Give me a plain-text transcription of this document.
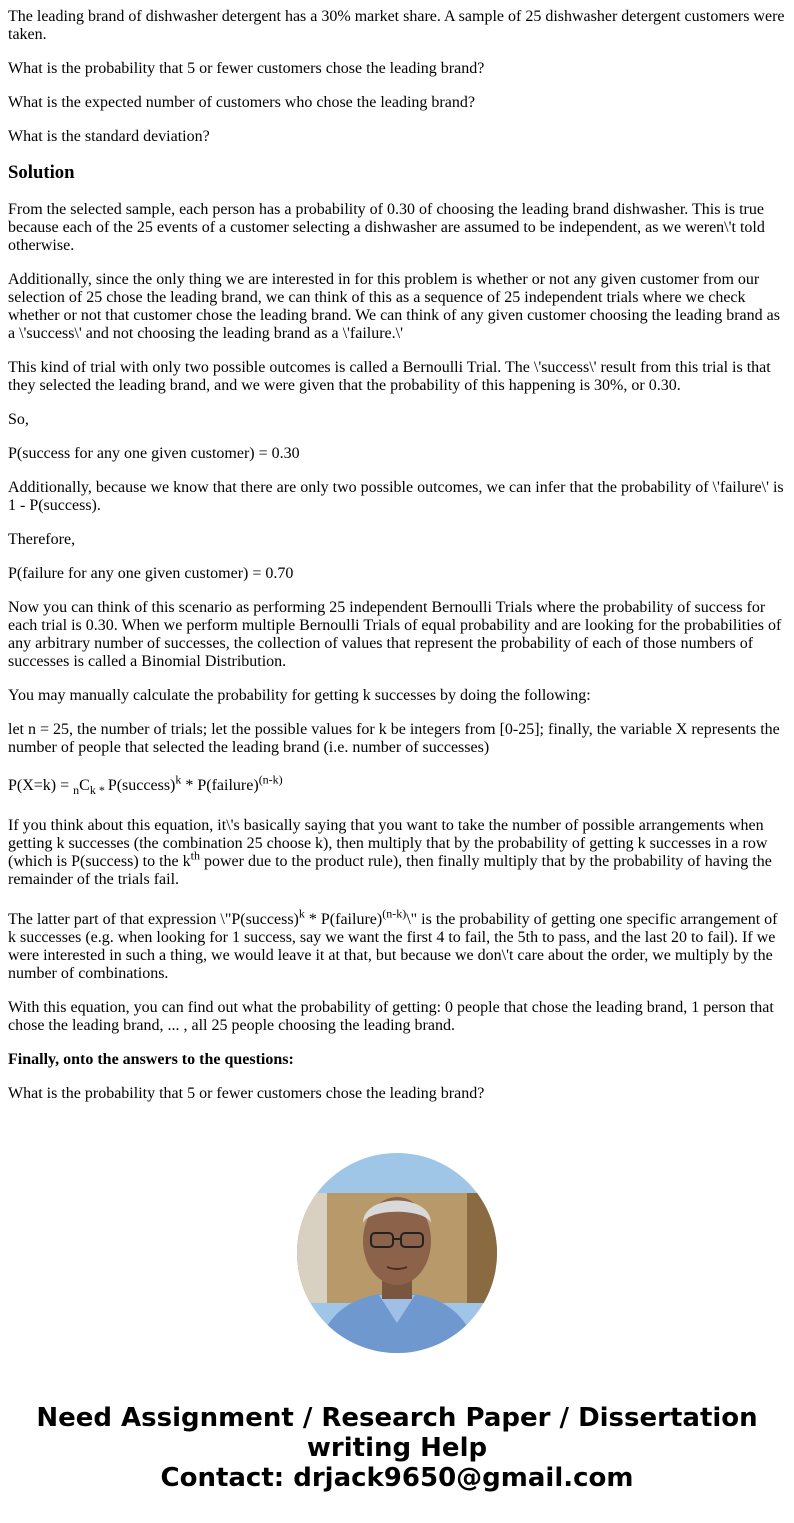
The leading brand of dishwasher detergent has a 30% market share. A sample of 25 dishwasher detergent customers were taken.

What is the probability that 5 or fewer customers chose the leading brand?

What is the expected number of customers who chose the leading brand?

What is the standard deviation?

Solution

From the selected sample, each person has a probability of 0.30 of choosing the leading brand dishwasher. This is true because each of the 25 events of a customer selecting a dishwasher are assumed to be independent, as we weren\'t told otherwise.

Additionally, since the only thing we are interested in for this problem is whether or not any given customer from our selection of 25 chose the leading brand, we can think of this as a sequence of 25 independent trials where we check whether or not that customer chose the leading brand. We can think of any given customer choosing the leading brand as a \'success\' and not choosing the leading brand as a \'failure.\'

This kind of trial with only two possible outcomes is called a Bernoulli Trial. The \'success\' result from this trial is that they selected the leading brand, and we were given that the probability of this happening is 30%, or 0.30.

So,

P(success for any one given customer) = 0.30

Additionally, because we know that there are only two possible outcomes, we can infer that the probability of \'failure\' is 1 - P(success).

Therefore,

P(failure for any one given customer) = 0.70

Now you can think of this scenario as performing 25 independent Bernoulli Trials where the probability of success for each trial is 0.30. When we perform multiple Bernoulli Trials of equal probability and are looking for the probabilities of any arbitrary number of successes, the collection of values that represent the probability of each of those numbers of successes is called a Binomial Distribution.

You may manually calculate the probability for getting k successes by doing the following:

let n = 25, the number of trials; let the possible values for k be integers from [0-25]; finally, the variable X represents the number of people that selected the leading brand (i.e. number of successes)

$P(X=k) = _nC_{k *}$ P(success)$^k$ * P(failure)$^{(n-k)}$

If you think about this equation, it\'s basically saying that you want to take the number of possible arrangements when getting k successes (the combination 25 choose k), then multiply that by the probability of getting k successes in a row (which is P(success) to the $k^{th}$ power due to the product rule), then finally multiply that by the probability of having the remainder of the trials fail.

The latter part of that expression \"P(success)$^k$ * P(failure)$^{(n-k)}$\" is the probability of getting one specific arrangement of k successes (e.g. when looking for 1 success, say we want the first 4 to fail, the 5th to pass, and the last 20 to fail). If we were interested in such a thing, we would leave it at that, but because we don\'t care about the order, we multiply by the number of combinations.

With this equation, you can find out what the probability of getting: 0 people that chose the leading brand, 1 person that chose the leading brand, ... , all 25 people choosing the leading brand.

Finally, onto the answers to the questions:

What is the probability that 5 or fewer customers chose the leading brand?

Need Assignment / Research Paper / Dissertation
writing Help
Contact: drjack9650@gmail.com
